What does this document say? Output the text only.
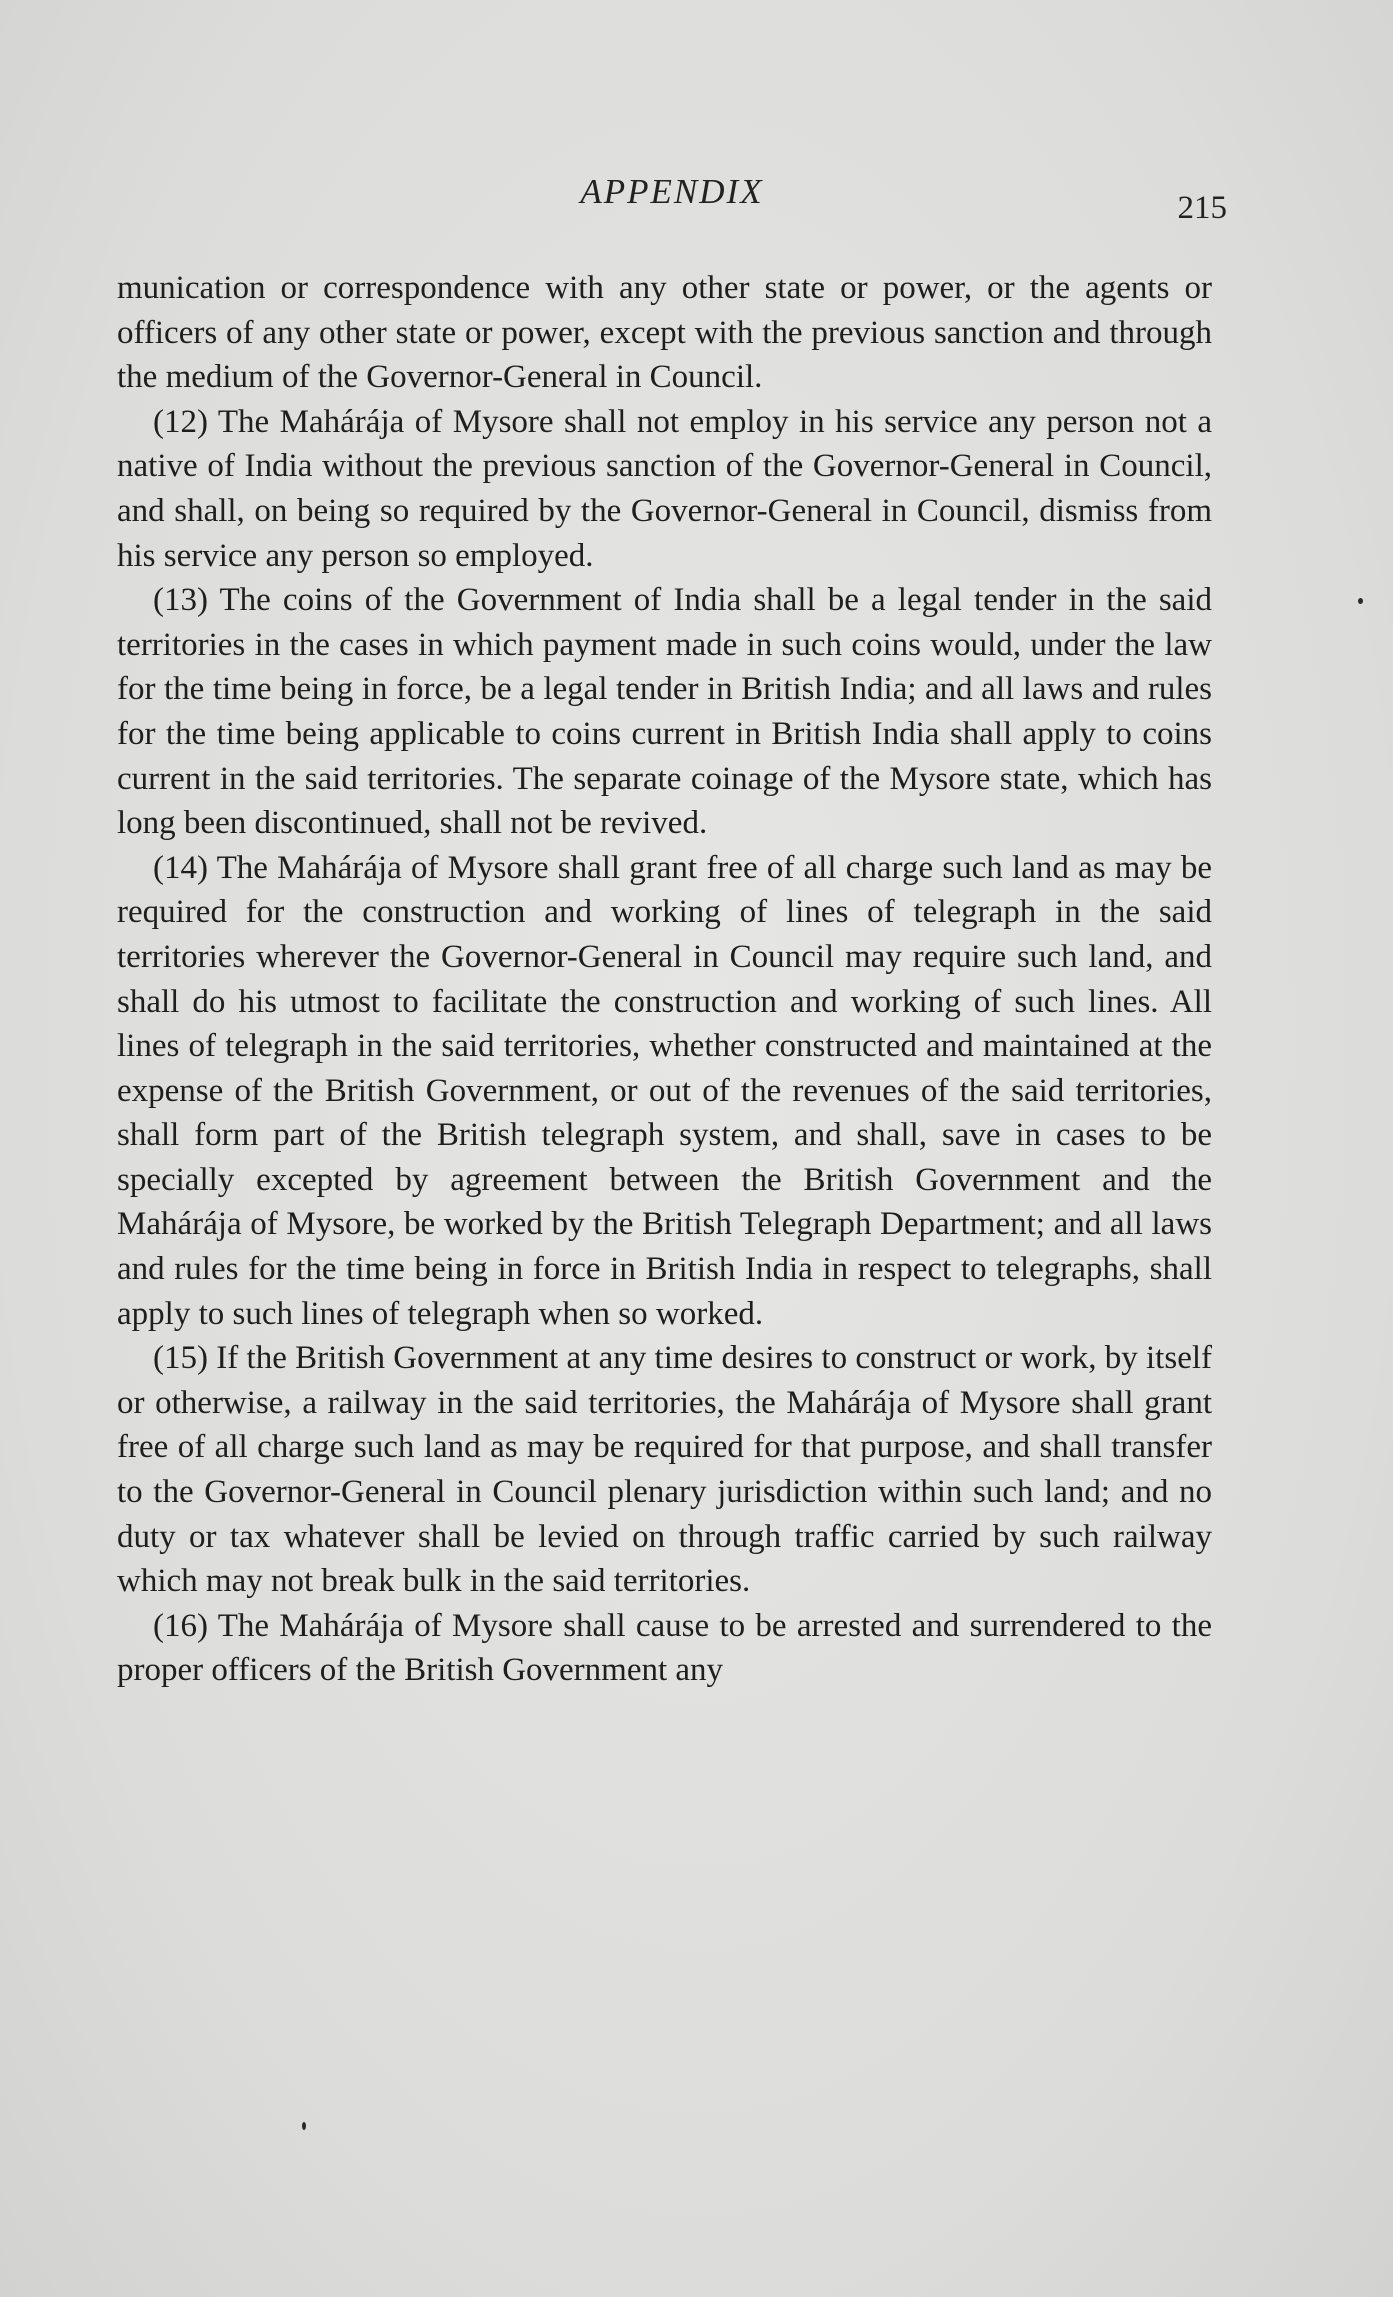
APPENDIX	215

munication or correspondence with any other state or power, or the agents or officers of any other state or power, except with the previous sanction and through the medium of the Governor-General in Council.

(12) The Mahárája of Mysore shall not employ in his service any person not a native of India without the previous sanction of the Governor-General in Council, and shall, on being so required by the Governor-General in Council, dismiss from his service any person so employed.

(13) The coins of the Government of India shall be a legal tender in the said territories in the cases in which payment made in such coins would, under the law for the time being in force, be a legal tender in British India; and all laws and rules for the time being applicable to coins current in British India shall apply to coins current in the said territories. The separate coinage of the Mysore state, which has long been discontinued, shall not be revived.

(14) The Mahárája of Mysore shall grant free of all charge such land as may be required for the construction and working of lines of telegraph in the said territories wherever the Governor-General in Council may require such land, and shall do his utmost to facilitate the construction and working of such lines. All lines of telegraph in the said territories, whether constructed and maintained at the expense of the British Government, or out of the revenues of the said territories, shall form part of the British telegraph system, and shall, save in cases to be specially excepted by agreement between the British Government and the Mahárája of Mysore, be worked by the British Telegraph Department; and all laws and rules for the time being in force in British India in respect to telegraphs, shall apply to such lines of telegraph when so worked.

(15) If the British Government at any time desires to construct or work, by itself or otherwise, a railway in the said territories, the Mahárája of Mysore shall grant free of all charge such land as may be required for that purpose, and shall transfer to the Governor-General in Council plenary jurisdiction within such land; and no duty or tax whatever shall be levied on through traffic carried by such railway which may not break bulk in the said territories.

(16) The Mahárája of Mysore shall cause to be arrested and surrendered to the proper officers of the British Government any
